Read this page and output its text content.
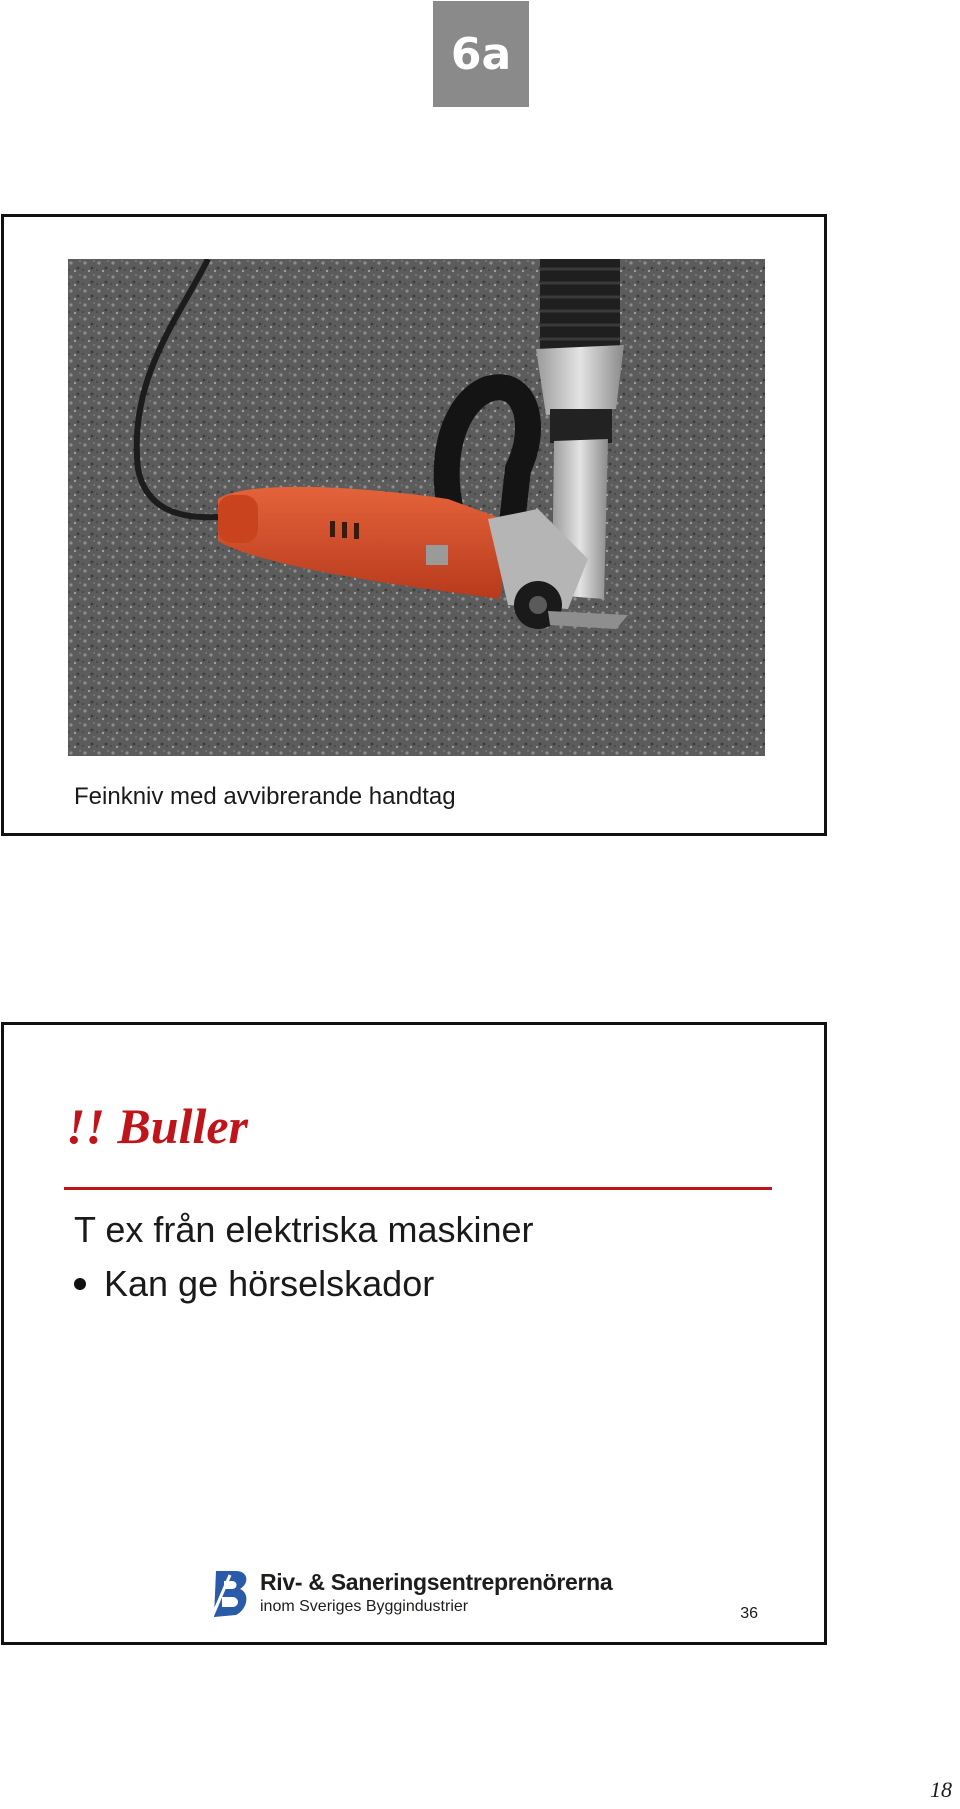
6a
Feinkniv med avvibrerande handtag
!! Buller
T ex från elektriska maskiner
Kan ge hörselskador
Riv- & Saneringsentreprenörerna
inom Sveriges Byggindustrier	36
18
